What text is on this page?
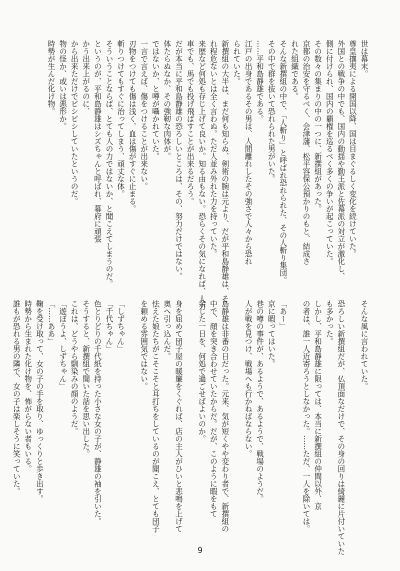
世は幕末。
尊皇攘夷による開国以降、国は目まぐるしく変化を続けていた。
外国との戦争の中でも、国内の動揺や勤王派と佐幕派の対立が激化し、
側に付けられ、国内の覇権を巡るべく多くの争いが起こっていた。
その数々の集まりの中の一つに、新撰組があった。
京都の治安を守るべく、会津藩、松平容保公預かりのもと、結成さ
れた組織である。
そんな新撰組の中で、「人斬り」と呼ばれ恐れられた、その人斬り集団。
その中で群を抜いて恐れられた男がいた。
……平和島静雄である。
江戸の出身であるその男は、人間離れしたその強さで人々から恐れ
られていた。
新撰組の大半は、まだ何も知らぬ、剣術の腕は元より、だが平和島静雄は、そ
れ程危ないとは全く言わぬ。ただ人並み外れた力を持っていた。
来歴など何処も存じ上げて良いか。知る由もない。恐らくその気になれば、人力
車でも、馬でも投げ飛ばすことが出来るだろう。
だが本当に平和島静雄の恐ろしいところは、その、努力だけではない。
体たらぬなか、その強靭な肉体が。
ではないか、と噂が囁かれていた。
一言で言えば、傷をつけることが出来ない。
刃物をつけても傷は浅く、血は傷がすぐに止まる。
斬りつけてもすぐに治ってしまう、頑丈な体。
そういうことならば、とても人の力ではないか、と聞こえてしまうのだ。
というのが、平和島静雄はシズちゃんと呼ばれ、幕府に頑張
かう出来上がるのに、
から出来ただけでビシビシしていたというのだ。
物の怪か、或いは悪形か。
時勢が生んだ化け物。
そんな風に言われていた。

恐ろしい新撰組だが、仏頂面なだけで、その身の回りは綺麗に片付いていた
も多かった。
しかし、平和島静雄に限っては、本当に新撰組の仲間以外、京
の者は、誰一人近寄ろうとしなかった。……ただ、一人を除いては。

「あー」
京に暇ってはいた。
巷の噂の事件が、あるようで、あるようで、戦場のようだ。
人が戦を見つけ、戦場へも行かねばならない。

島静雄は非番の日だった。元来、気が短くやや変わり者で、新撰組の
中で、顔を突き合わせていたからだ。だが、このように暇をもて
余した一日を、何処で過ごせばよいのか。

身を屈めて団子屋の暖簾をくぐれば、店の主人がひいと悲鳴を上げて
奥へ引っ込んだ。
怯えた娘たちがこそこそと耳打ちをしているのが聞こえ、とても団子
を頼める雰囲気ではない。

「しずちゃん」
「千代ちゃん」
色とりどりの千代紙を持った小さな女の子が、静雄の袖を引いた。
そうすると、新撰組で聞いた話を思い出した。
これは、どうやら馴染みの顔のようだ。
「遊ぼうよ、しずちゃん」
「……ああ」
鞠を受け取って、女の子の手を取り、ゆっくりと歩き出す。
時勢から生まれた化け物を、怖がらない者もいる。
誰もが恐れる男の隣で、女の子は楽しそうに笑っていた。

9
